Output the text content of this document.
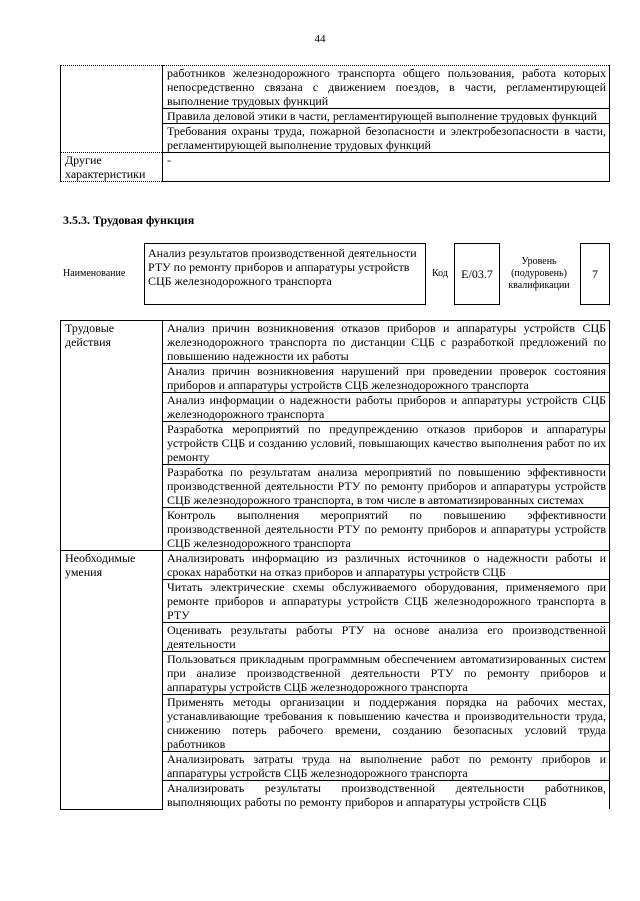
44
	работников железнодорожного транспорта общего пользования, работа которых непосредственно связана с движением поездов, в части, регламентирующей выполнение трудовых функций
	Правила деловой этики в части, регламентирующей выполнение трудовых функций
	Требования охраны труда, пожарной безопасности и электробезопасности в части, регламентирующей выполнение трудовых функций
Другие характеристики	-
3.5.3. Трудовая функция
Наименование
Анализ результатов производственной деятельности РТУ по ремонту приборов и аппаратуры устройств СЦБ железнодорожного транспорта
Код	E/03.7
Уровень (подуровень) квалификации
7
Трудовые действия	Анализ причин возникновения отказов приборов и аппаратуры устройств СЦБ железнодорожного транспорта по дистанции СЦБ с разработкой предложений по повышению надежности их работы
	Анализ причин возникновения нарушений при проведении проверок состояния приборов и аппаратуры устройств СЦБ железнодорожного транспорта
	Анализ информации о надежности работы приборов и аппаратуры устройств СЦБ железнодорожного транспорта
	Разработка мероприятий по предупреждению отказов приборов и аппаратуры устройств СЦБ и созданию условий, повышающих качество выполнения работ по их ремонту
	Разработка по результатам анализа мероприятий по повышению эффективности производственной деятельности РТУ по ремонту приборов и аппаратуры устройств СЦБ железнодорожного транспорта, в том числе в автоматизированных системах
	Контроль выполнения мероприятий по повышению эффективности производственной деятельности РТУ по ремонту приборов и аппаратуры устройств СЦБ железнодорожного транспорта
Необходимые умения	Анализировать информацию из различных источников о надежности работы и сроках наработки на отказ приборов и аппаратуры устройств СЦБ
	Читать электрические схемы обслуживаемого оборудования, применяемого при ремонте приборов и аппаратуры устройств СЦБ железнодорожного транспорта в РТУ
	Оценивать результаты работы РТУ на основе анализа его производственной деятельности
	Пользоваться прикладным программным обеспечением автоматизированных систем при анализе производственной деятельности РТУ по ремонту приборов и аппаратуры устройств СЦБ железнодорожного транспорта
	Применять методы организации и поддержания порядка на рабочих местах, устанавливающие требования к повышению качества и производительности труда, снижению потерь рабочего времени, созданию безопасных условий труда работников
	Анализировать затраты труда на выполнение работ по ремонту приборов и аппаратуры устройств СЦБ железнодорожного транспорта
	Анализировать результаты производственной деятельности работников, выполняющих работы по ремонту приборов и аппаратуры устройств СЦБ
